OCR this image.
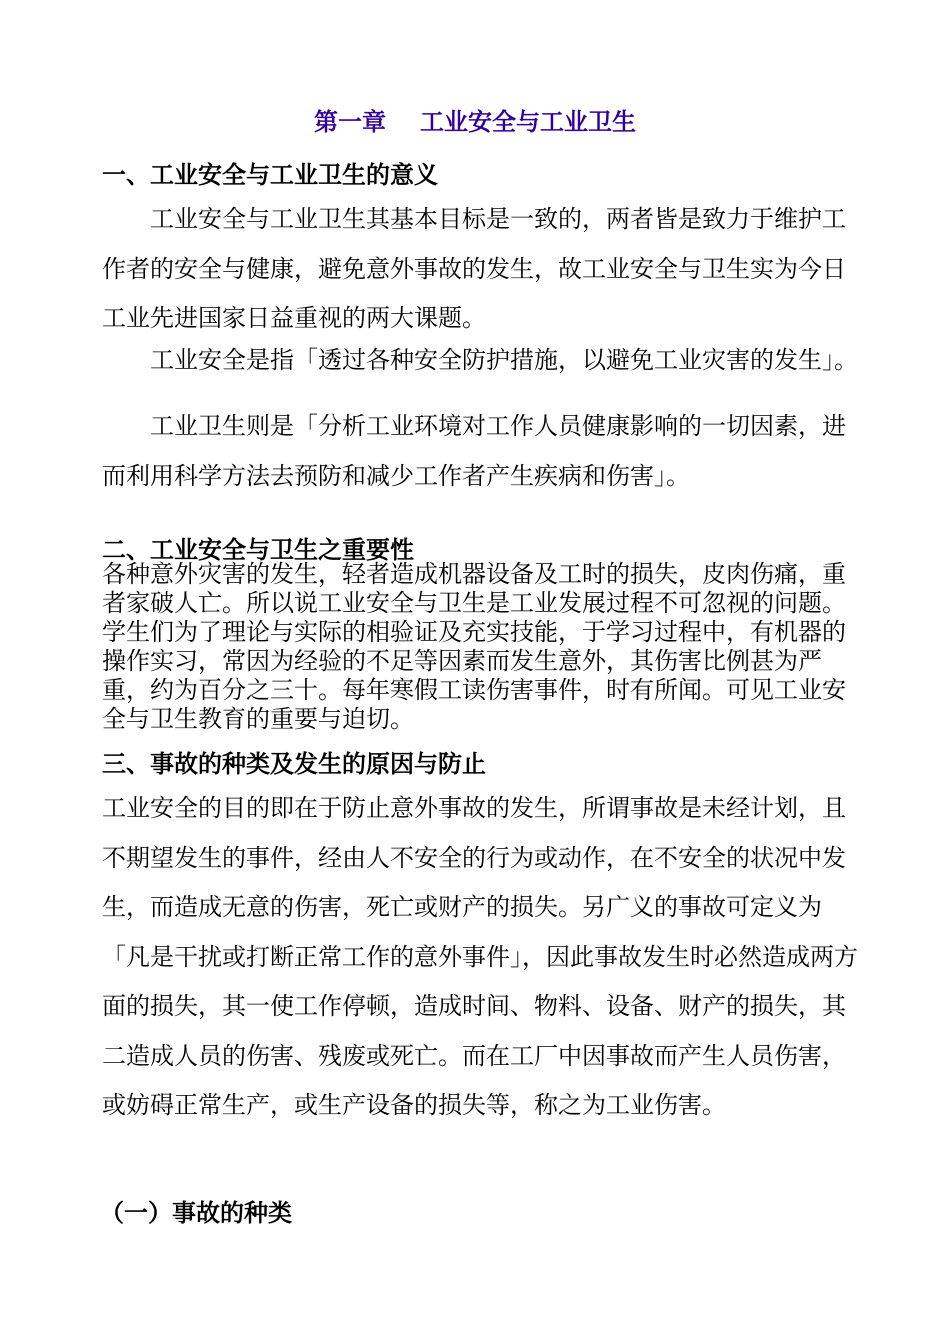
第一章 工业安全与工业卫生
一、工业安全与工业卫生的意义

工业安全与工业卫生其基本目标是一致的，两者皆是致力于维护工作者的安全与健康，避免意外事故的发生，故工业安全与卫生实为今日工业先进国家日益重视的两大课题。

工业安全是指「透过各种安全防护措施，以避免工业灾害的发生」。

工业卫生则是「分析工业环境对工作人员健康影响的一切因素，进而利用科学方法去预防和减少工作者产生疾病和伤害」。

二、工业安全与卫生之重要性

各种意外灾害的发生，轻者造成机器设备及工时的损失，皮肉伤痛，重者家破人亡。所以说工业安全与卫生是工业发展过程不可忽视的问题。学生们为了理论与实际的相验证及充实技能，于学习过程中，有机器的操作实习，常因为经验的不足等因素而发生意外，其伤害比例甚为严重，约为百分之三十。每年寒假工读伤害事件，时有所闻。可见工业安全与卫生教育的重要与迫切。

三、事故的种类及发生的原因与防止

工业安全的目的即在于防止意外事故的发生，所谓事故是未经计划，且不期望发生的事件，经由人不安全的行为或动作，在不安全的状况中发生，而造成无意的伤害，死亡或财产的损失。另广义的事故可定义为「凡是干扰或打断正常工作的意外事件」，因此事故发生时必然造成两方面的损失，其一使工作停顿，造成时间、物料、设备、财产的损失，其二造成人员的伤害、残废或死亡。而在工厂中因事故而产生人员伤害，或妨碍正常生产，或生产设备的损失等，称之为工业伤害。

（一）事故的种类
